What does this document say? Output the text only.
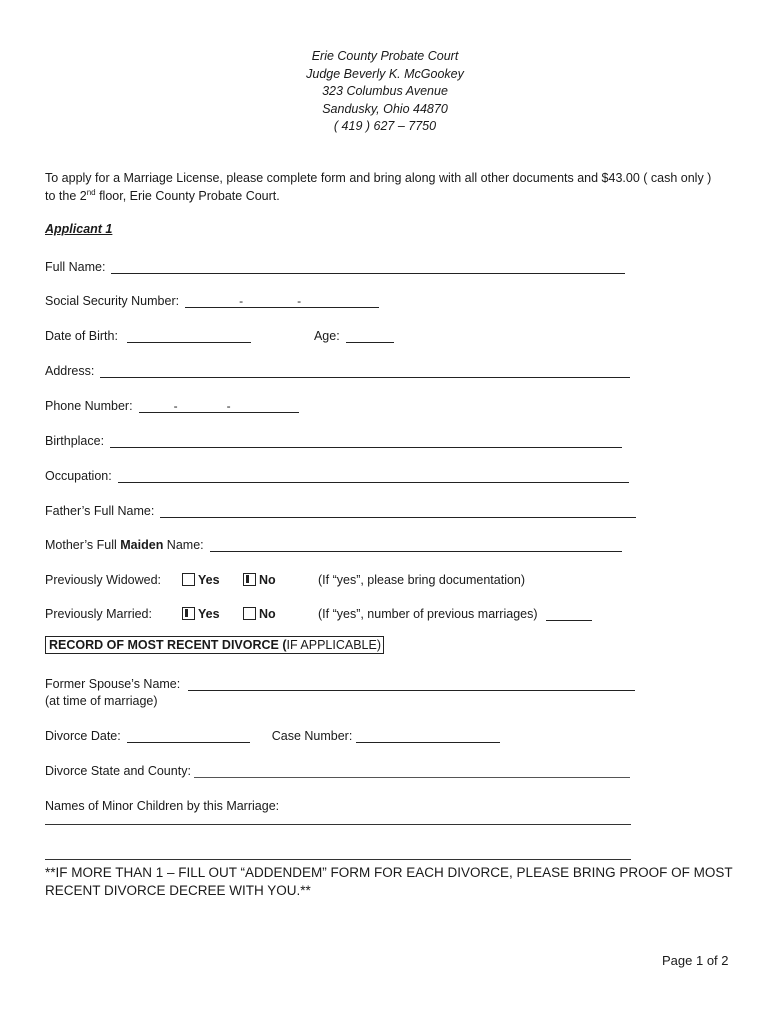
Erie County Probate Court
Judge Beverly K. McGookey
323 Columbus Avenue
Sandusky, Ohio 44870
( 419 ) 627 – 7750
To apply for a Marriage License, please complete form and bring along with all other documents and $43.00 ( cash only )
to the 2nd floor, Erie County Probate Court.
Applicant 1
Full Name:
Social Security Number:	-	-
Date of Birth:	Age:
Address:
Phone Number:	-	-
Birthplace:
Occupation:
Father’s Full Name:
Mother’s Full Maiden Name:
Previously Widowed:	Yes	No	(If “yes”, please bring documentation)
Previously Married:	Yes	No	(If “yes”, number of previous marriages)
RECORD OF MOST RECENT DIVORCE (IF APPLICABLE)
Former Spouse’s Name:
(at time of marriage)
Divorce Date:	Case Number:
Divorce State and County:
Names of Minor Children by this Marriage:
**IF MORE THAN 1 – FILL OUT “ADDENDEM” FORM FOR EACH DIVORCE, PLEASE BRING PROOF OF MOST RECENT DIVORCE DECREE WITH YOU.**
Page 1 of 2
